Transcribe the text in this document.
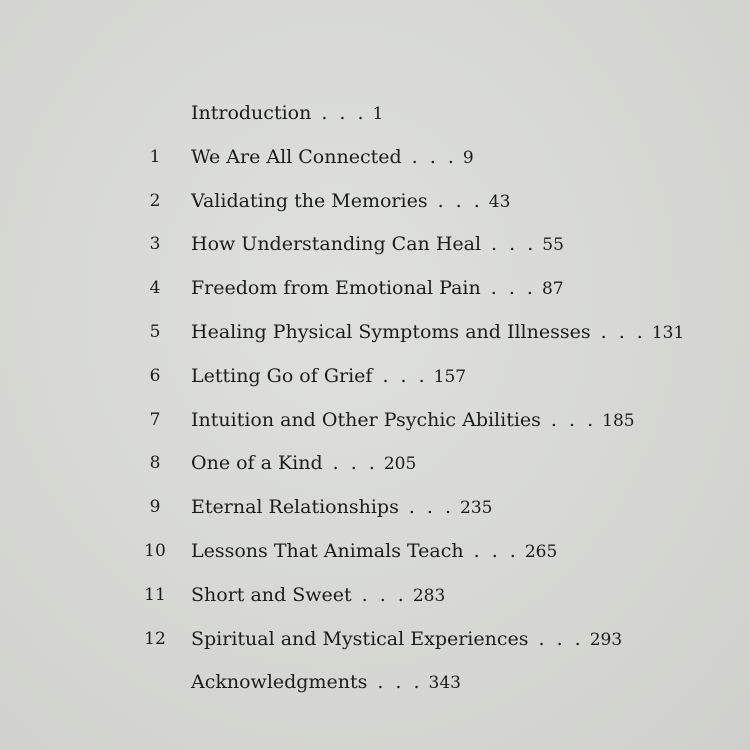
Introduction . . . 1
1	We Are All Connected . . . 9
2	Validating the Memories . . . 43
3	How Understanding Can Heal . . . 55
4	Freedom from Emotional Pain . . . 87
5	Healing Physical Symptoms and Illnesses . . . 131
6	Letting Go of Grief . . . 157
7	Intuition and Other Psychic Abilities . . . 185
8	One of a Kind . . . 205
9	Eternal Relationships . . . 235
10 Lessons That Animals Teach . . . 265
11 Short and Sweet . . . 283
12 Spiritual and Mystical Experiences . . . 293
Acknowledgments . . . 343
